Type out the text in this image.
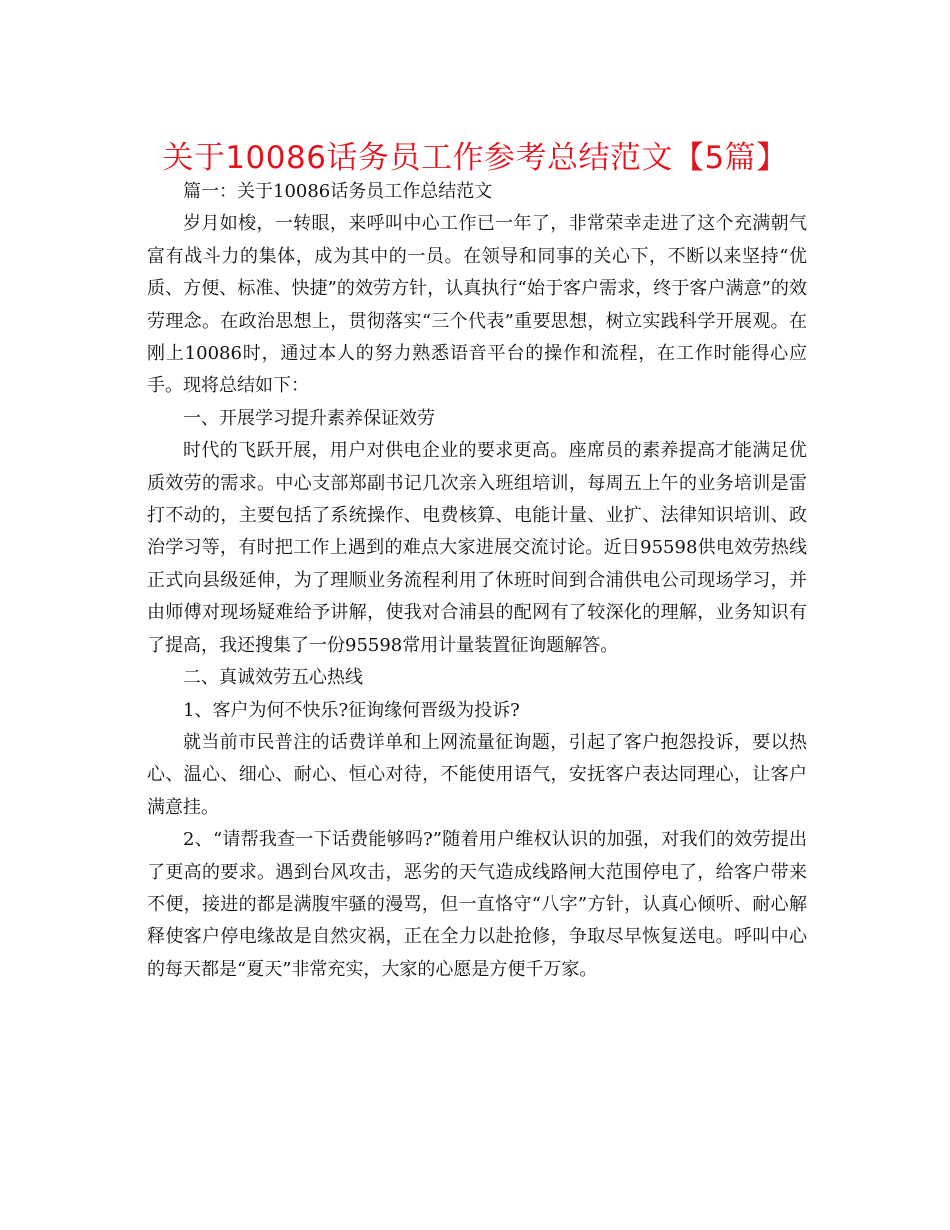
关于10086话务员工作参考总结范文【5篇】

篇一：关于10086话务员工作总结范文

岁月如梭，一转眼，来呼叫中心工作已一年了，非常荣幸走进了这个充满朝气富有战斗力的集体，成为其中的一员。在领导和同事的关心下，不断以来坚持“优质、方便、标准、快捷”的效劳方针，认真执行“始于客户需求，终于客户满意”的效劳理念。在政治思想上，贯彻落实“三个代表”重要思想，树立实践科学开展观。在刚上10086时，通过本人的努力熟悉语音平台的操作和流程，在工作时能得心应手。现将总结如下：

一、开展学习提升素养保证效劳

时代的飞跃开展，用户对供电企业的要求更高。座席员的素养提高才能满足优质效劳的需求。中心支部郑副书记几次亲入班组培训，每周五上午的业务培训是雷打不动的，主要包括了系统操作、电费核算、电能计量、业扩、法律知识培训、政治学习等，有时把工作上遇到的难点大家进展交流讨论。近日95598供电效劳热线正式向县级延伸，为了理顺业务流程利用了休班时间到合浦供电公司现场学习，并由师傅对现场疑难给予讲解，使我对合浦县的配网有了较深化的理解，业务知识有了提高，我还搜集了一份95598常用计量装置征询题解答。

二、真诚效劳五心热线

1、客户为何不快乐?征询缘何晋级为投诉?

就当前市民普注的话费详单和上网流量征询题，引起了客户抱怨投诉，要以热心、温心、细心、耐心、恒心对待，不能使用语气，安抚客户表达同理心，让客户满意挂。

2、“请帮我查一下话费能够吗?”随着用户维权认识的加强，对我们的效劳提出了更高的要求。遇到台风攻击，恶劣的天气造成线路闸大范围停电了，给客户带来不便，接进的都是满腹牢骚的漫骂，但一直恪守“八字”方针，认真心倾听、耐心解释使客户停电缘故是自然灾祸，正在全力以赴抢修，争取尽早恢复送电。呼叫中心的每天都是“夏天”非常充实，大家的心愿是方便千万家。
